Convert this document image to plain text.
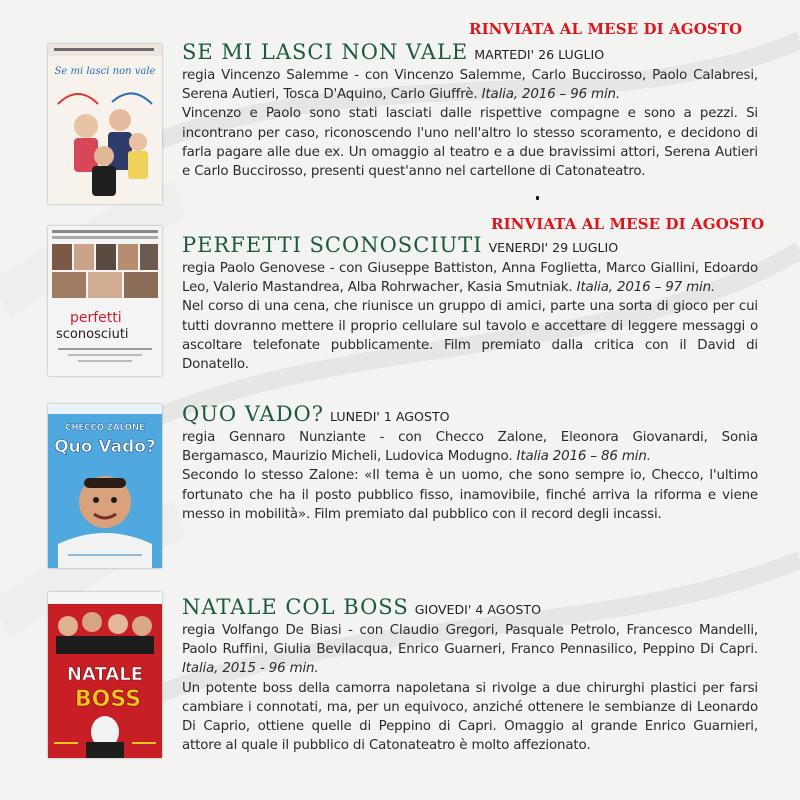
RINVIATA AL MESE DI AGOSTO
Se mi lasci non vale
SE MI LASCI NON VALE MARTEDI' 26 LUGLIO
regia Vincenzo Salemme - con Vincenzo Salemme, Carlo Buccirosso, Paolo Calabresi, Serena Autieri, Tosca D'Aquino, Carlo Giuffrè. Italia, 2016 – 96 min.
Vincenzo e Paolo sono stati lasciati dalle rispettive compagne e sono a pezzi. Si incontrano per caso, riconoscendo l'uno nell'altro lo stesso scoramento, e decidono di farla pagare alle due ex. Un omaggio al teatro e a due bravissimi attori, Serena Autieri e Carlo Buccirosso, presenti quest'anno nel cartellone di Catonateatro.
RINVIATA AL MESE DI AGOSTO
perfetti
sconosciuti
PERFETTI SCONOSCIUTI VENERDI' 29 LUGLIO
regia Paolo Genovese - con Giuseppe Battiston, Anna Foglietta, Marco Giallini, Edoardo Leo, Valerio Mastandrea, Alba Rohrwacher, Kasia Smutniak. Italia, 2016 – 97 min.
Nel corso di una cena, che riunisce un gruppo di amici, parte una sorta di gioco per cui tutti dovranno mettere il proprio cellulare sul tavolo e accettare di leggere messaggi o ascoltare telefonate pubblicamente. Film premiato dalla critica con il David di Donatello.
CHECCO ZALONE
Quo Vado?
QUO VADO? LUNEDI' 1 AGOSTO
regia Gennaro Nunziante - con Checco Zalone, Eleonora Giovanardi, Sonia Bergamasco, Maurizio Micheli, Ludovica Modugno. Italia 2016 – 86 min.
Secondo lo stesso Zalone: «Il tema è un uomo, che sono sempre io, Checco, l'ultimo fortunato che ha il posto pubblico fisso, inamovibile, finché arriva la riforma e viene messo in mobilità». Film premiato dal pubblico con il record degli incassi.
NATALE
BOSS
NATALE COL BOSS GIOVEDI' 4 AGOSTO
regia Volfango De Biasi - con Claudio Gregori, Pasquale Petrolo, Francesco Mandelli, Paolo Ruffini, Giulia Bevilacqua, Enrico Guarneri, Franco Pennasilico, Peppino Di Capri. Italia, 2015 - 96 min.
Un potente boss della camorra napoletana si rivolge a due chirurghi plastici per farsi cambiare i connotati, ma, per un equivoco, anziché ottenere le sembianze di Leonardo Di Caprio, ottiene quelle di Peppino di Capri. Omaggio al grande Enrico Guarnieri, attore al quale il pubblico di Catonateatro è molto affezionato.
